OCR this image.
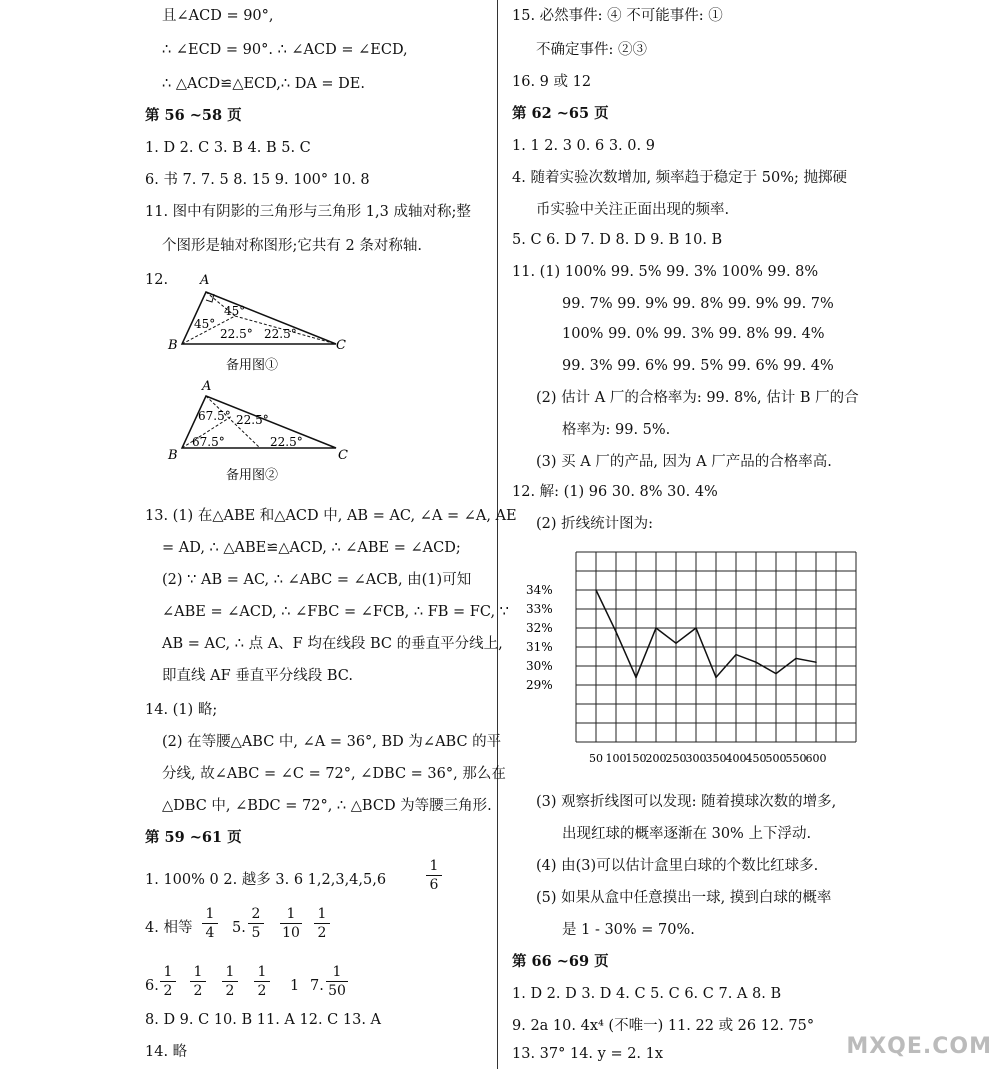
且∠ACD = 90°,
∴ ∠ECD = 90°. ∴ ∠ACD = ∠ECD,
∴ △ACD≌△ECD,∴ DA = DE.
第 56 ~58 页
1. D 2. C 3. B 4. B 5. C
6. 书 7. 7. 5 8. 15 9. 100° 10. 8
11. 图中有阴影的三角形与三角形 1,3 成轴对称;整
个图形是轴对称图形;它共有 2 条对称轴.
12. A
B	C
45°
45°
22.5° 22.5°
备用图①
A
B	C
67.5° 22.5°
67.5°	22.5°
备用图②
13. (1) 在△ABE 和△ACD 中, AB = AC, ∠A = ∠A, AE
= AD, ∴ △ABE≌△ACD, ∴ ∠ABE = ∠ACD;
(2) ∵ AB = AC, ∴ ∠ABC = ∠ACB, 由(1)可知
∠ABE = ∠ACD, ∴ ∠FBC = ∠FCB, ∴ FB = FC, ∵
AB = AC, ∴ 点 A、F 均在线段 BC 的垂直平分线上,
即直线 AF 垂直平分线段 BC.
14. (1) 略;
(2) 在等腰△ABC 中, ∠A = 36°, BD 为∠ABC 的平
分线, 故∠ABC = ∠C = 72°, ∠DBC = 36°, 那么在
△DBC 中, ∠BDC = 72°, ∴ △BCD 为等腰三角形.
第 59 ~61 页
1. 100% 0 2. 越多 3. 6 1,2,3,4,5,6
1
6
4. 相等
1
4 5.
2
5
1
10
1
2
6.
1
2
1
2
1
2
1
2 1 7.
1
50
8. D 9. C 10. B 11. A 12. C 13. A
14. 略
15. 必然事件: ④ 不可能事件: ①
不确定事件: ②③
16. 9 或 12
第 62 ~65 页
1. 1 2. 3 0. 6 3. 0. 9
4. 随着实验次数增加, 频率趋于稳定于 50%; 抛掷硬
币实验中关注正面出现的频率.
5. C 6. D 7. D 8. D 9. B 10. B
11. (1) 100% 99. 5% 99. 3% 100% 99. 8%
99. 7% 99. 9% 99. 8% 99. 9% 99. 7%
100% 99. 0% 99. 3% 99. 8% 99. 4%
99. 3% 99. 6% 99. 5% 99. 6% 99. 4%
(2) 估计 A 厂的合格率为: 99. 8%, 估计 B 厂的合
格率为: 99. 5%.
(3) 买 A 厂的产品, 因为 A 厂产品的合格率高.
12. 解: (1) 96 30. 8% 30. 4%
(2) 折线统计图为:
34%
33%
32%
31%
30%
29%
50 100 150 200 250 300 350 400 450 500 550 600
(3) 观察折线图可以发现: 随着摸球次数的增多,
出现红球的概率逐渐在 30% 上下浮动.
(4) 由(3)可以估计盒里白球的个数比红球多.
(5) 如果从盒中任意摸出一球, 摸到白球的概率
是 1 - 30% = 70%.
第 66 ~69 页
1. D 2. D 3. D 4. C 5. C 6. C 7. A 8. B
9. 2a 10. 4x⁴ (不唯一) 11. 22 或 26 12. 75°
13. 37° 14. y = 2. 1x	MXQE.COM
